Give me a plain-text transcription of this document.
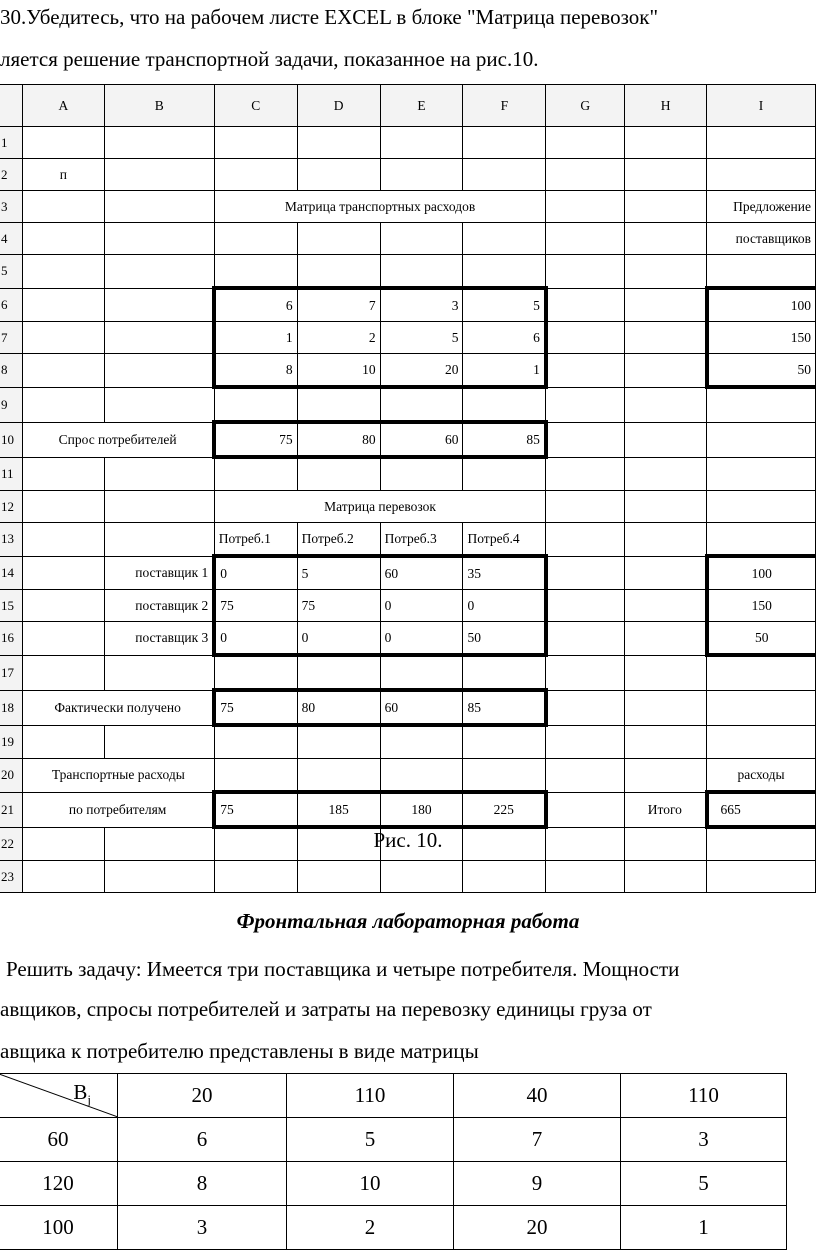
30.Убедитесь, что на рабочем листе EXCEL в блоке "Матрица перевозок"
ляется решение транспортной задачи, показанное на рис.10.
	A	B	C	D	E	F	G	H	I
1									
2	п								
3			Матрица транспортных расходов						Предложение
4									поставщиков
5									
6			6	7	3	5			100
7			1	2	5	6			150
8			8	10	20	1			50
9									
10	Спрос потребителей		75	80	60	85			
11									
12			Матрица перевозок						
13			Потреб.1	Потреб.2	Потреб.3	Потреб.4			
14		поставщик 1	0	5	60	35			100
15		поставщик 2	75	75	0	0			150
16		поставщик 3	0	0	0	50			50
17									
18	Фактически получено		75	80	60	85			
19									
20	Транспортные расходы								расходы
21	по потребителям		75	185	180	225		Итого	665
22									
23									
Рис. 10.
Фронтальная лабораторная работа
Решить задачу: Имеется три поставщика и четыре потребителя. Мощности
авщиков, спросы потребителей и затраты на перевозку единицы груза от
авщика к потребителю представлены в виде матрицы
$B_j$	20	110	40	110
60	6	5	7	3
120	8	10	9	5
100	3	2	20	1
